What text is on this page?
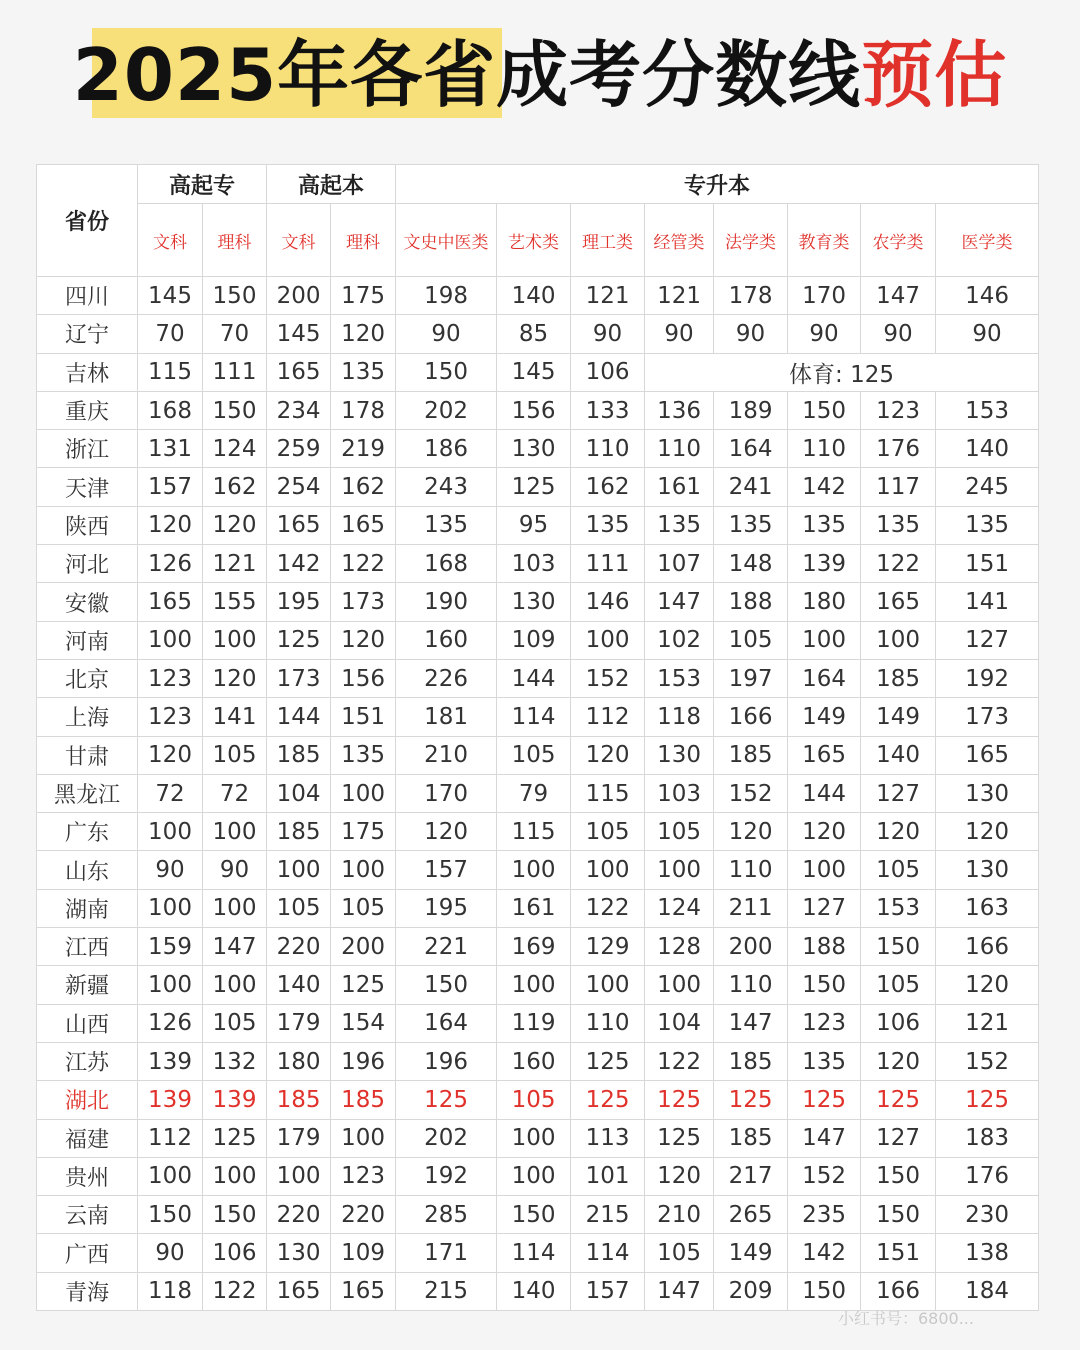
2025年各省成考分数线预估
省份	高起专		高起本		专升本							
	文科	理科	文科	理科	文史中医类	艺术类	理工类	经管类	法学类	教育类	农学类	医学类
四川	145	150	200	175	198	140	121	121	178	170	147	146
辽宁	70	70	145	120	90	85	90	90	90	90	90	90
吉林	115	111	165	135	150	145	106	体育: 125				
重庆	168	150	234	178	202	156	133	136	189	150	123	153
浙江	131	124	259	219	186	130	110	110	164	110	176	140
天津	157	162	254	162	243	125	162	161	241	142	117	245
陕西	120	120	165	165	135	95	135	135	135	135	135	135
河北	126	121	142	122	168	103	111	107	148	139	122	151
安徽	165	155	195	173	190	130	146	147	188	180	165	141
河南	100	100	125	120	160	109	100	102	105	100	100	127
北京	123	120	173	156	226	144	152	153	197	164	185	192
上海	123	141	144	151	181	114	112	118	166	149	149	173
甘肃	120	105	185	135	210	105	120	130	185	165	140	165
黑龙江	72	72	104	100	170	79	115	103	152	144	127	130
广东	100	100	185	175	120	115	105	105	120	120	120	120
山东	90	90	100	100	157	100	100	100	110	100	105	130
湖南	100	100	105	105	195	161	122	124	211	127	153	163
江西	159	147	220	200	221	169	129	128	200	188	150	166
新疆	100	100	140	125	150	100	100	100	110	150	105	120
山西	126	105	179	154	164	119	110	104	147	123	106	121
江苏	139	132	180	196	196	160	125	122	185	135	120	152
湖北	139	139	185	185	125	105	125	125	125	125	125	125
福建	112	125	179	100	202	100	113	125	185	147	127	183
贵州	100	100	100	123	192	100	101	120	217	152	150	176
云南	150	150	220	220	285	150	215	210	265	235	150	230
广西	90	106	130	109	171	114	114	105	149	142	151	138
青海	118	122	165	165	215	140	157	147	209	150	166	184
小红书号：6800...
